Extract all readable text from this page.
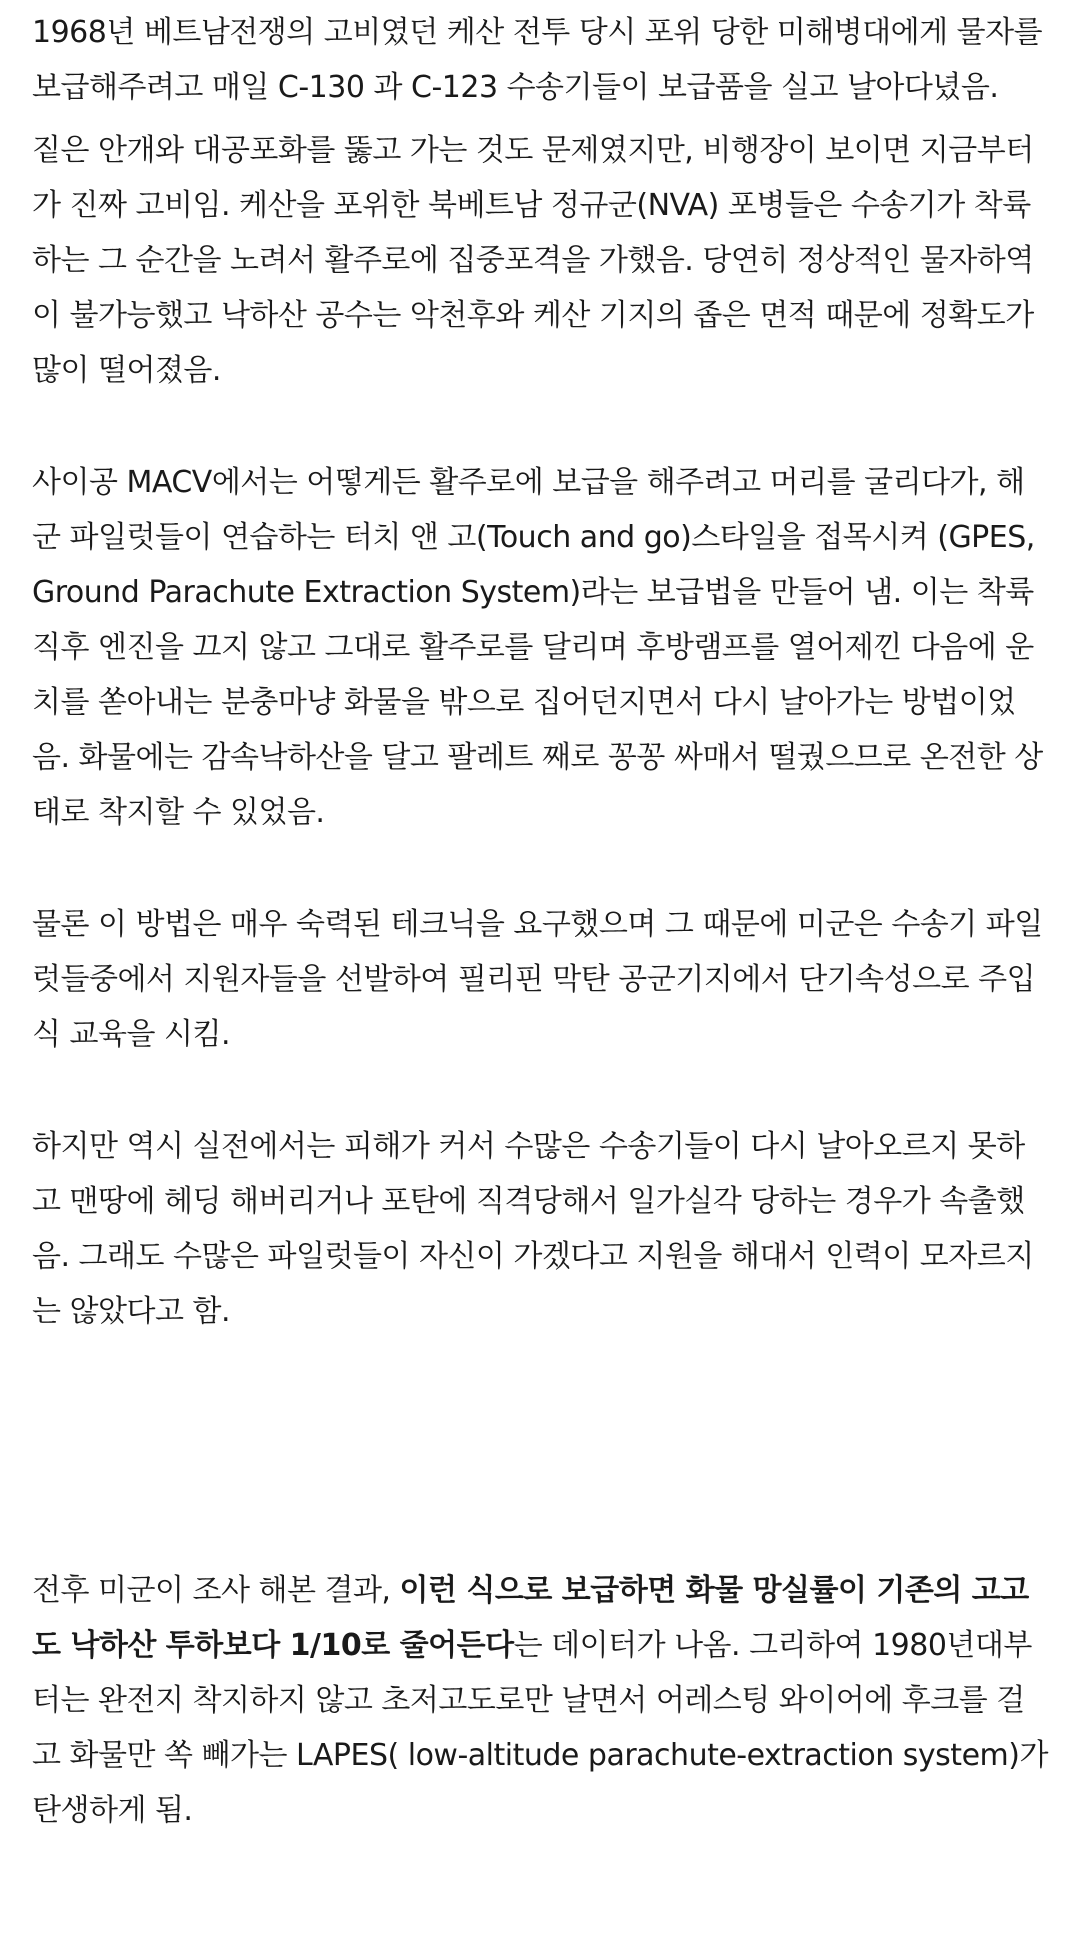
1968년 베트남전쟁의 고비였던 케산 전투 당시 포위 당한 미해병대에게 물자를 보급해주려고 매일 C-130 과 C-123 수송기들이 보급품을 실고 날아다녔음.

짙은 안개와 대공포화를 뚫고 가는 것도 문제였지만, 비행장이 보이면 지금부터가 진짜 고비임. 케산을 포위한 북베트남 정규군(NVA) 포병들은 수송기가 착륙하는 그 순간을 노려서 활주로에 집중포격을 가했음. 당연히 정상적인 물자하역이 불가능했고 낙하산 공수는 악천후와 케산 기지의 좁은 면적 때문에 정확도가 많이 떨어졌음.

사이공 MACV에서는 어떻게든 활주로에 보급을 해주려고 머리를 굴리다가, 해군 파일럿들이 연습하는 터치 앤 고(Touch and go)스타일을 접목시켜 (GPES, Ground Parachute Extraction System)라는 보급법을 만들어 냄. 이는 착륙 직후 엔진을 끄지 않고 그대로 활주로를 달리며 후방램프를 열어제낀 다음에 운치를 쏟아내는 분충마냥 화물을 밖으로 집어던지면서 다시 날아가는 방법이었음. 화물에는 감속낙하산을 달고 팔레트 째로 꽁꽁 싸매서 떨궜으므로 온전한 상태로 착지할 수 있었음.

물론 이 방법은 매우 숙력된 테크닉을 요구했으며 그 때문에 미군은 수송기 파일럿들중에서 지원자들을 선발하여 필리핀 막탄 공군기지에서 단기속성으로 주입식 교육을 시킴.

하지만 역시 실전에서는 피해가 커서 수많은 수송기들이 다시 날아오르지 못하고 맨땅에 헤딩 해버리거나 포탄에 직격당해서 일가실각 당하는 경우가 속출했음. 그래도 수많은 파일럿들이 자신이 가겠다고 지원을 해대서 인력이 모자르지는 않았다고 함.

전후 미군이 조사 해본 결과, 이런 식으로 보급하면 화물 망실률이 기존의 고고도 낙하산 투하보다 1/10로 줄어든다는 데이터가 나옴. 그리하여 1980년대부터는 완전지 착지하지 않고 초저고도로만 날면서 어레스팅 와이어에 후크를 걸고 화물만 쏙 빼가는 LAPES( low-altitude parachute-extraction system)가 탄생하게 됨.
